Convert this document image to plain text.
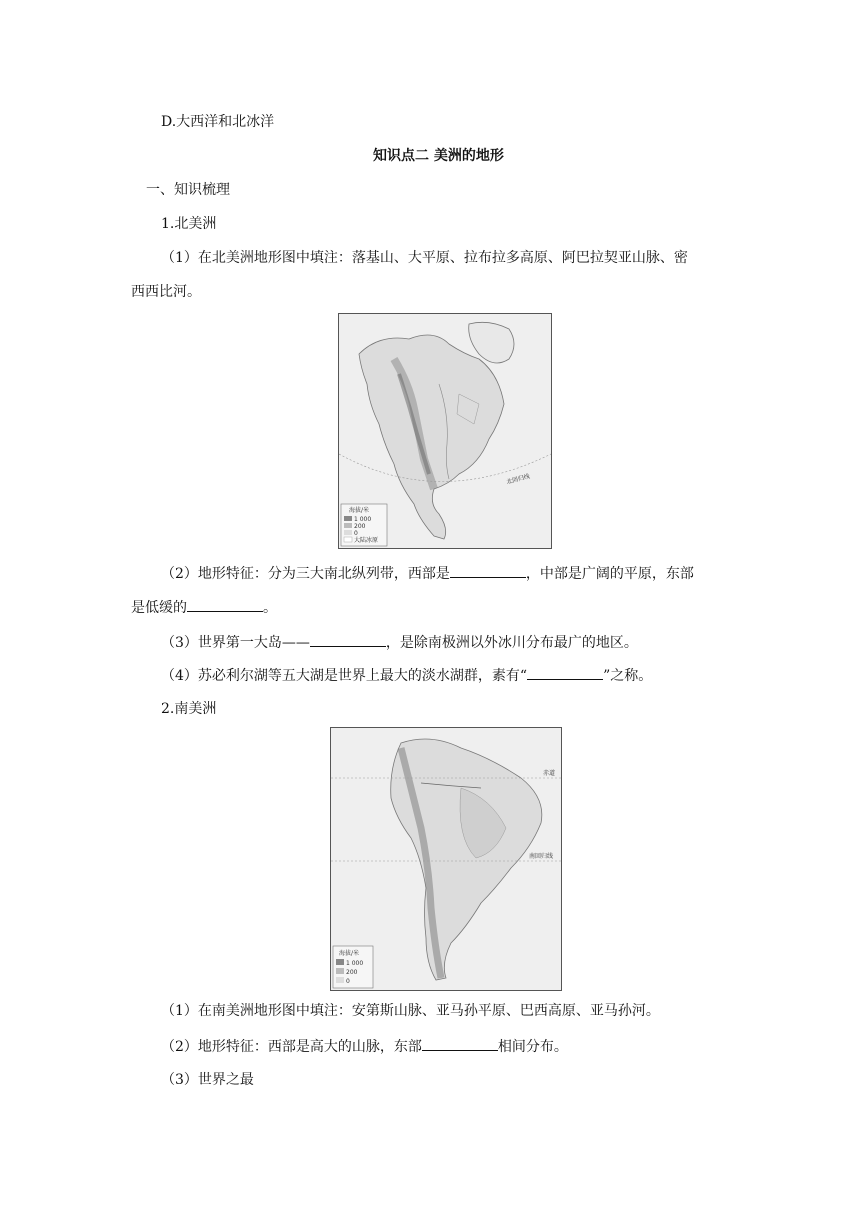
D.大西洋和北冰洋
知识点二 美洲的地形
一、知识梳理
1.北美洲
（1）在北美洲地形图中填注：落基山、大平原、拉布拉多高原、阿巴拉契亚山脉、密
西西比河。
北回归线
海拔/米
1 000
200
0
大陆冰原
（2）地形特征：分为三大南北纵列带，西部是	，中部是广阔的平原，东部
是低缓的	。
（3）世界第一大岛——	，是除南极洲以外冰川分布最广的地区。
（4）苏必利尔湖等五大湖是世界上最大的淡水湖群，素有“	”之称。
2.南美洲
赤道
南回归线
海拔/米
1 000
200
0
（1）在南美洲地形图中填注：安第斯山脉、亚马孙平原、巴西高原、亚马孙河。
（2）地形特征：西部是高大的山脉，东部	相间分布。
（3）世界之最
